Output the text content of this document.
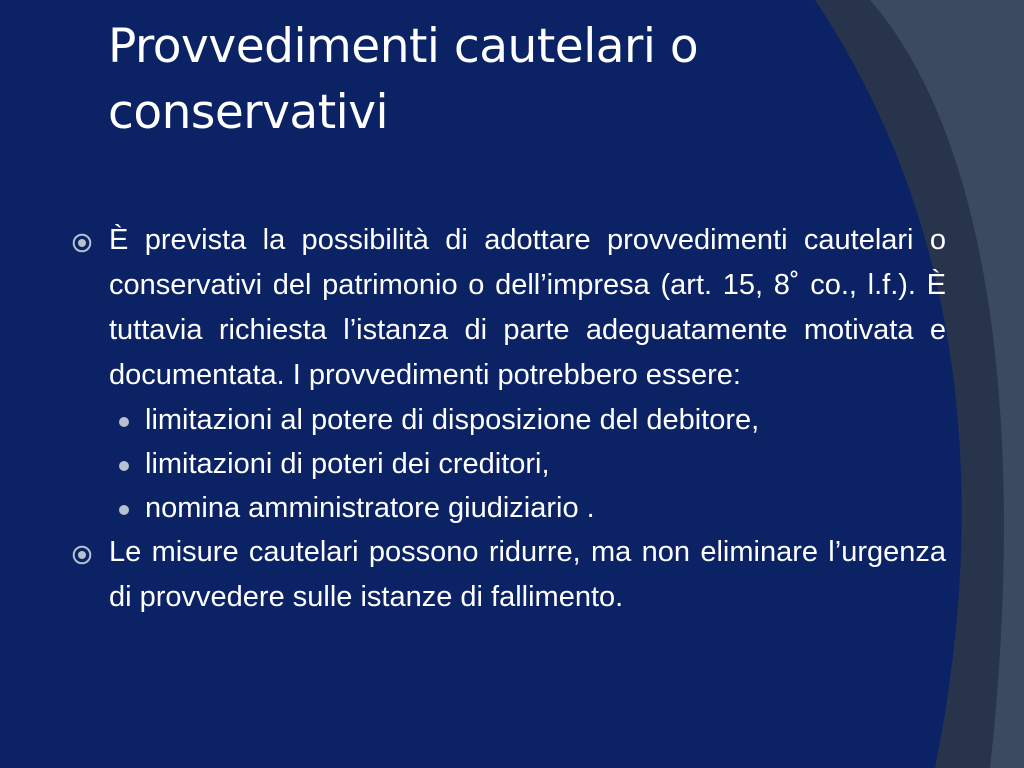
Provvedimenti cautelari o conservativi
È prevista la possibilità di adottare provvedimenti cautelari o conservativi del patrimonio o dell’impresa (art. 15, 8˚ co., l.f.). È tuttavia richiesta l’istanza di parte adeguatamente motivata e documentata. I provvedimenti potrebbero essere:
limitazioni al potere di disposizione del debitore,
limitazioni di poteri dei creditori,
nomina amministratore giudiziario .
Le misure cautelari possono ridurre, ma non eliminare l’urgenza di provvedere sulle istanze di fallimento.
